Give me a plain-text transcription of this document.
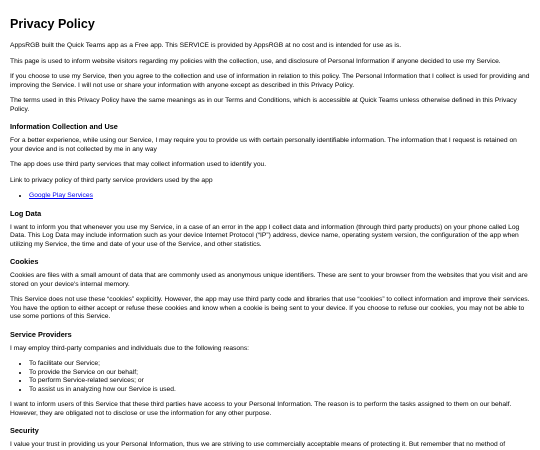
Privacy Policy

AppsRGB built the Quick Teams app as a Free app. This SERVICE is provided by AppsRGB at no cost and is intended for use as is.

This page is used to inform website visitors regarding my policies with the collection, use, and disclosure of Personal Information if anyone decided to use my Service.

If you choose to use my Service, then you agree to the collection and use of information in relation to this policy. The Personal Information that I collect is used for providing and improving the Service. I will not use or share your information with anyone except as described in this Privacy Policy.

The terms used in this Privacy Policy have the same meanings as in our Terms and Conditions, which is accessible at Quick Teams unless otherwise defined in this Privacy Policy.

Information Collection and Use

For a better experience, while using our Service, I may require you to provide us with certain personally identifiable information. The information that I request is retained on your device and is not collected by me in any way

The app does use third party services that may collect information used to identify you.

Link to privacy policy of third party service providers used by the app

• Google Play Services
Log Data

I want to inform you that whenever you use my Service, in a case of an error in the app I collect data and information (through third party products) on your phone called Log Data. This Log Data may include information such as your device Internet Protocol (“IP”) address, device name, operating system version, the configuration of the app when utilizing my Service, the time and date of your use of the Service, and other statistics.

Cookies

Cookies are files with a small amount of data that are commonly used as anonymous unique identifiers. These are sent to your browser from the websites that you visit and are stored on your device's internal memory.

This Service does not use these “cookies” explicitly. However, the app may use third party code and libraries that use “cookies” to collect information and improve their services. You have the option to either accept or refuse these cookies and know when a cookie is being sent to your device. If you choose to refuse our cookies, you may not be able to use some portions of this Service.

Service Providers

I may employ third-party companies and individuals due to the following reasons:

• To facilitate our Service;
• To provide the Service on our behalf;
• To perform Service-related services; or
• To assist us in analyzing how our Service is used.

I want to inform users of this Service that these third parties have access to your Personal Information. The reason is to perform the tasks assigned to them on our behalf. However, they are obligated not to disclose or use the information for any other purpose.

Security

I value your trust in providing us your Personal Information, thus we are striving to use commercially acceptable means of protecting it. But remember that no method of
